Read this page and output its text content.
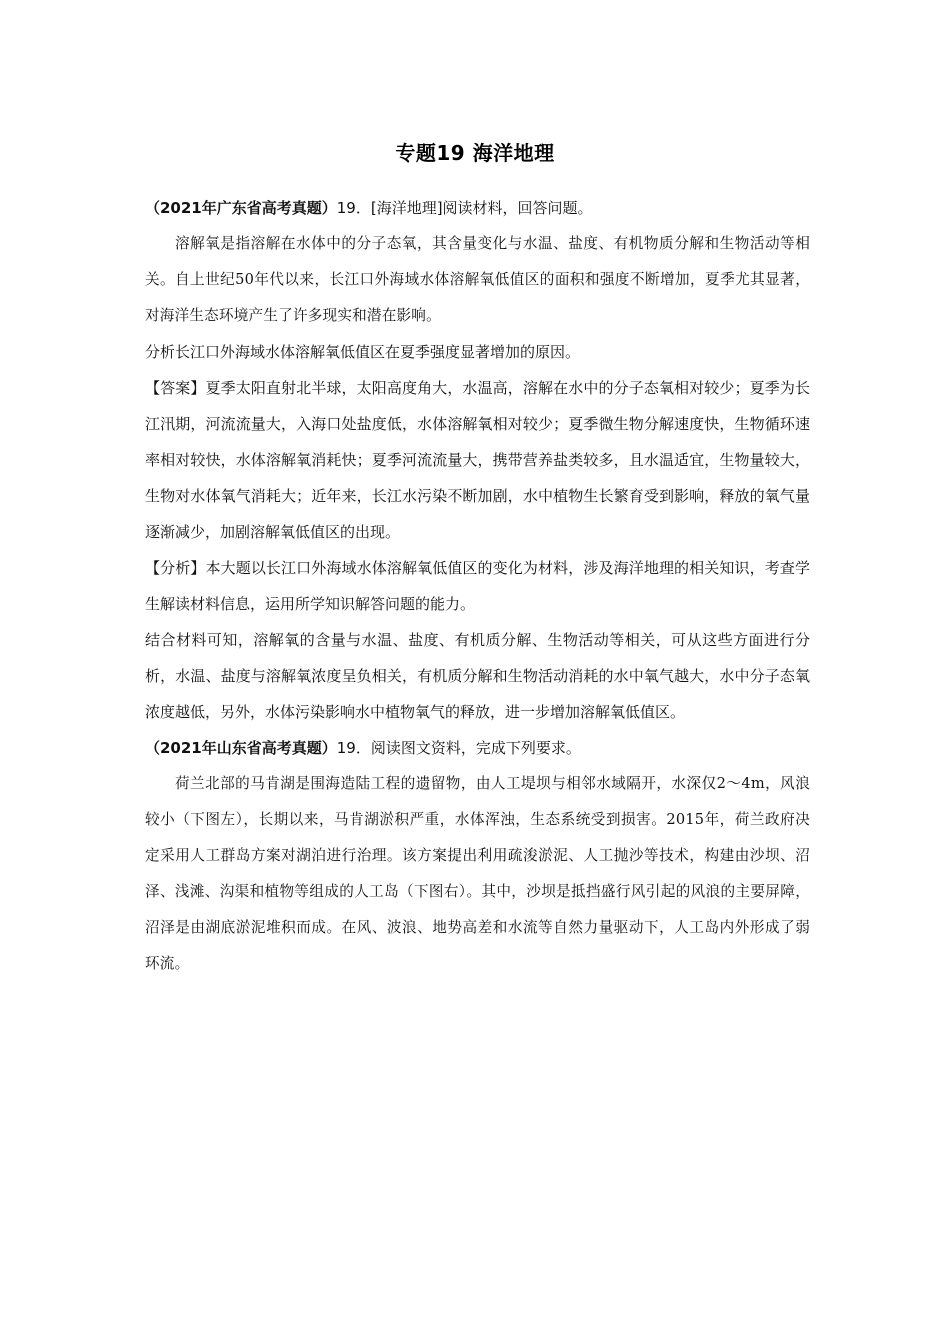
专题19 海洋地理

（2021年广东省高考真题）19．[海洋地理]阅读材料，回答问题。

溶解氧是指溶解在水体中的分子态氧，其含量变化与水温、盐度、有机物质分解和生物活动等相关。自上世纪50年代以来，长江口外海域水体溶解氧低值区的面积和强度不断增加，夏季尤其显著，对海洋生态环境产生了许多现实和潜在影响。

分析长江口外海域水体溶解氧低值区在夏季强度显著增加的原因。

【答案】夏季太阳直射北半球，太阳高度角大，水温高，溶解在水中的分子态氧相对较少；夏季为长江汛期，河流流量大，入海口处盐度低，水体溶解氧相对较少；夏季微生物分解速度快，生物循环速率相对较快，水体溶解氧消耗快；夏季河流流量大，携带营养盐类较多，且水温适宜，生物量较大，生物对水体氧气消耗大；近年来，长江水污染不断加剧，水中植物生长繁育受到影响，释放的氧气量逐渐减少，加剧溶解氧低值区的出现。

【分析】本大题以长江口外海域水体溶解氧低值区的变化为材料，涉及海洋地理的相关知识，考查学生解读材料信息，运用所学知识解答问题的能力。

结合材料可知，溶解氧的含量与水温、盐度、有机质分解、生物活动等相关，可从这些方面进行分析，水温、盐度与溶解氧浓度呈负相关，有机质分解和生物活动消耗的水中氧气越大，水中分子态氧浓度越低，另外，水体污染影响水中植物氧气的释放，进一步增加溶解氧低值区。

（2021年山东省高考真题）19．阅读图文资料，完成下列要求。

荷兰北部的马肯湖是围海造陆工程的遗留物，由人工堤坝与相邻水域隔开，水深仅2～4m，风浪较小（下图左），长期以来，马肯湖淤积严重，水体浑浊，生态系统受到损害。2015年，荷兰政府决定采用人工群岛方案对湖泊进行治理。该方案提出利用疏浚淤泥、人工抛沙等技术，构建由沙坝、沼泽、浅滩、沟渠和植物等组成的人工岛（下图右）。其中，沙坝是抵挡盛行风引起的风浪的主要屏障，沼泽是由湖底淤泥堆积而成。在风、波浪、地势高差和水流等自然力量驱动下，人工岛内外形成了弱环流。
